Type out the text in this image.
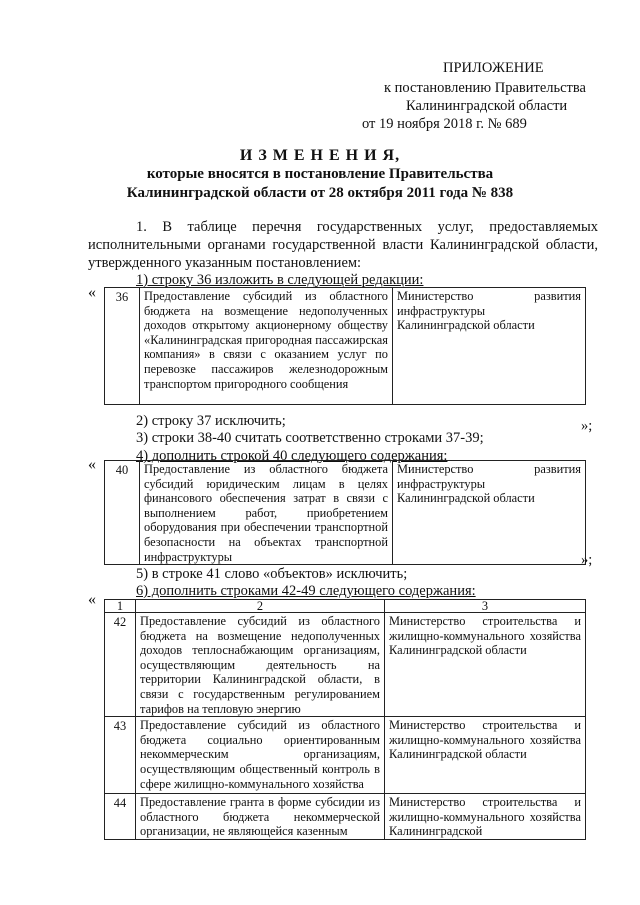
ПРИЛОЖЕНИЕ
к постановлению Правительства
Калининградской области
от 19 ноября 2018 г. № 689
И З М Е Н Е Н И Я,
которые вносятся в постановление Правительства
Калининградской области от 28 октября 2011 года № 838
1. В таблице перечня государственных услуг, предоставляемых исполнительными органами государственной власти Калининградской области, утвержденного указанным постановлением:
1) строку 36 изложить в следующей редакции:
« 36	Предоставление субсидий из областного бюджета на возмещение недополученных доходов открытому акционерному обществу «Калининградская пригородная пассажирская компания» в связи с оказанием услуг по перевозке пассажиров железнодорожным транспортом пригородного сообщения	Министерство развития инфраструктуры Калининградской области
»;
2) строку 37 исключить;
3) строки 38-40 считать соответственно строками 37-39;
4) дополнить строкой 40 следующего содержания:
« 40	Предоставление из областного бюджета субсидий юридическим лицам в целях финансового обеспечения затрат в связи с выполнением работ, приобретением оборудования при обеспечении транспортной безопасности на объектах транспортной инфраструктуры	Министерство развития инфраструктуры Калининградской области
»;
5) в строке 41 слово «объектов» исключить;
6) дополнить строками 42-49 следующего содержания:
« 1	2	3
42	Предоставление субсидий из областного бюджета на возмещение недополученных доходов теплоснабжающим организациям, осуществляющим деятельность на территории Калининградской области, в связи с государственным регулированием тарифов на тепловую энергию	Министерство строительства и жилищно-коммунального хозяйства Калининградской области
43	Предоставление субсидий из областного бюджета социально ориентированным некоммерческим организациям, осуществляющим общественный контроль в сфере жилищно-коммунального хозяйства	Министерство строительства и жилищно-коммунального хозяйства Калининградской области
44	Предоставление гранта в форме субсидии из областного бюджета некоммерческой организации, не являющейся казенным	Министерство строительства и жилищно-коммунального хозяйства Калининградской
